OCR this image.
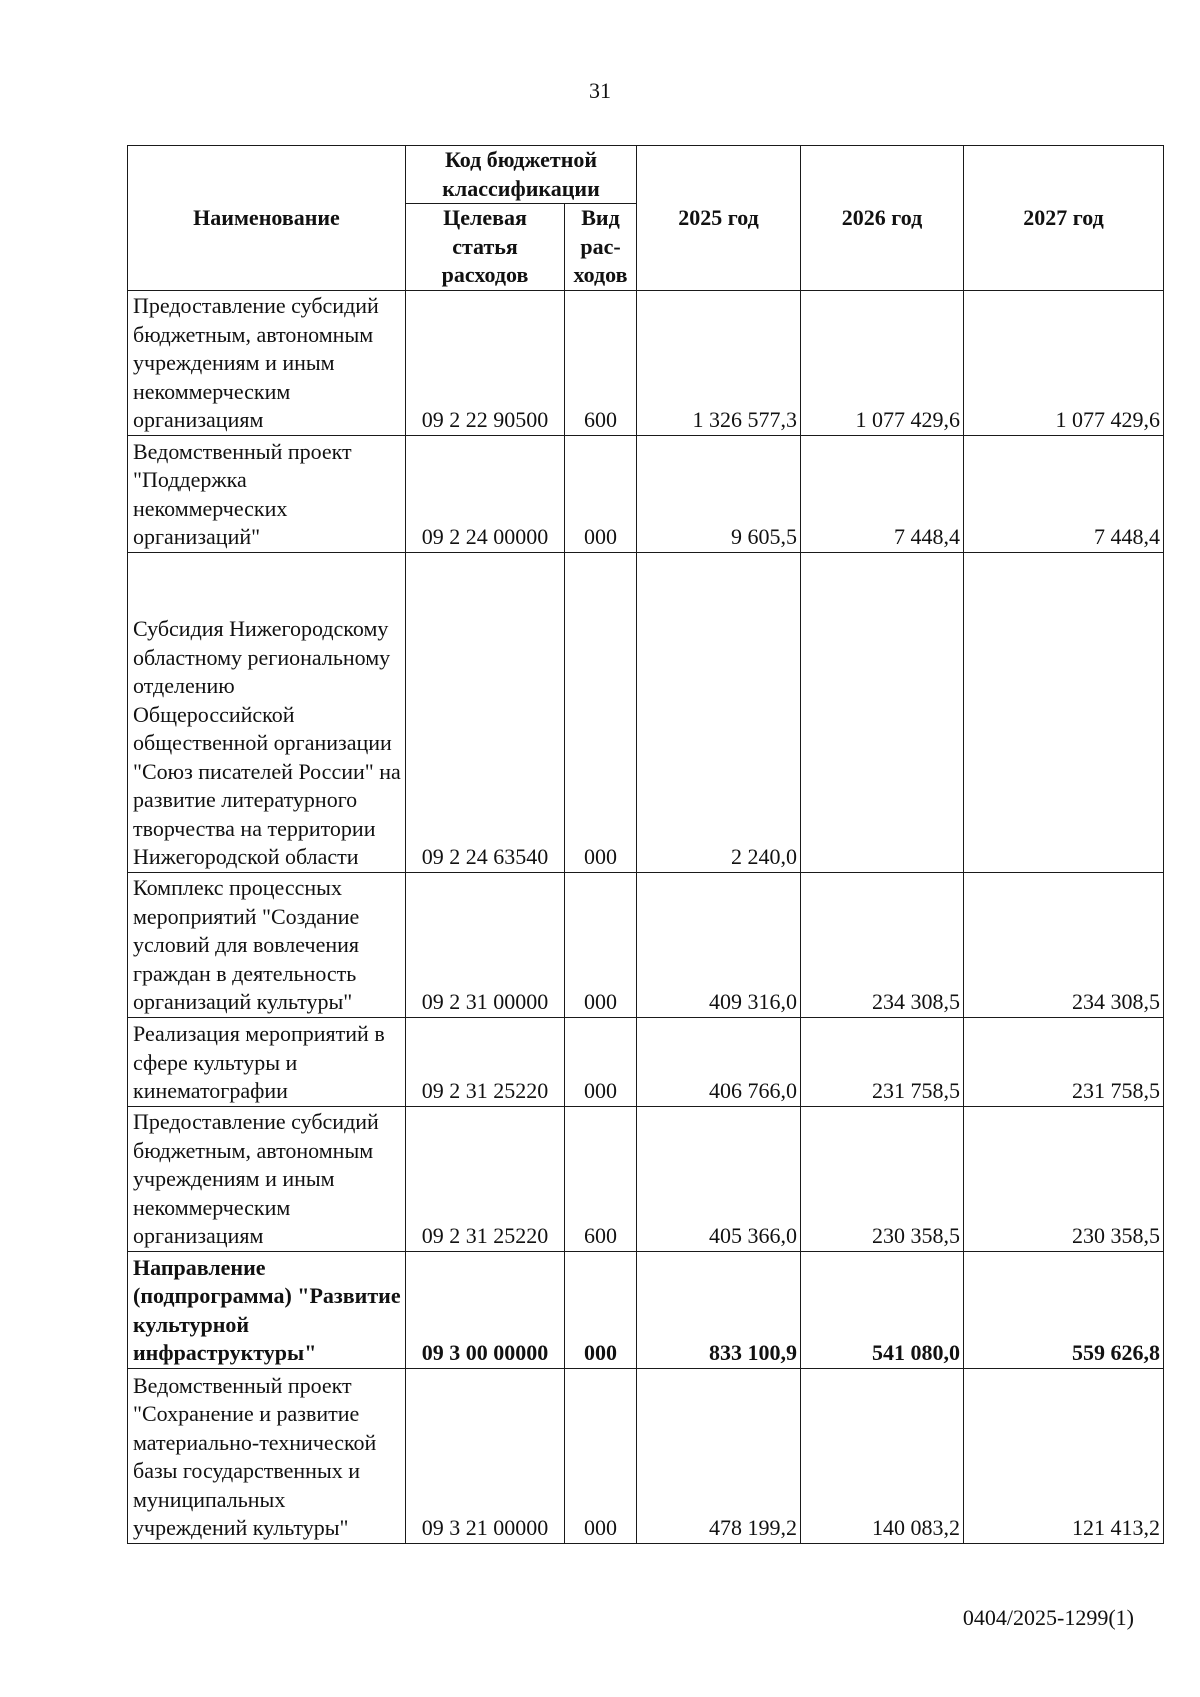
31
Наименование	Код бюджетной классификации		2025 год	2026 год	2027 год
	Целевая статья расходов	Вид рас-ходов			
Предоставление субсидий бюджетным, автономным учреждениям и иным некоммерческим организациям	09 2 22 90500	600	1 326 577,3	1 077 429,6	1 077 429,6
Ведомственный проект "Поддержка некоммерческих организаций"	09 2 24 00000	000	9 605,5	7 448,4	7 448,4
Субсидия Нижегородскому областному региональному отделению Общероссийской общественной организации "Союз писателей России" на развитие литературного творчества на территории Нижегородской области	09 2 24 63540	000	2 240,0		
Комплекс процессных мероприятий "Создание условий для вовлечения граждан в деятельность организаций культуры"	09 2 31 00000	000	409 316,0	234 308,5	234 308,5
Реализация мероприятий в сфере культуры и кинематографии	09 2 31 25220	000	406 766,0	231 758,5	231 758,5
Предоставление субсидий бюджетным, автономным учреждениям и иным некоммерческим организациям	09 2 31 25220	600	405 366,0	230 358,5	230 358,5
Направление (подпрограмма) "Развитие культурной инфраструктуры"	09 3 00 00000	000	833 100,9	541 080,0	559 626,8
Ведомственный проект "Сохранение и развитие материально-технической базы государственных и муниципальных учреждений культуры"	09 3 21 00000	000	478 199,2	140 083,2	121 413,2
0404/2025-1299(1)
